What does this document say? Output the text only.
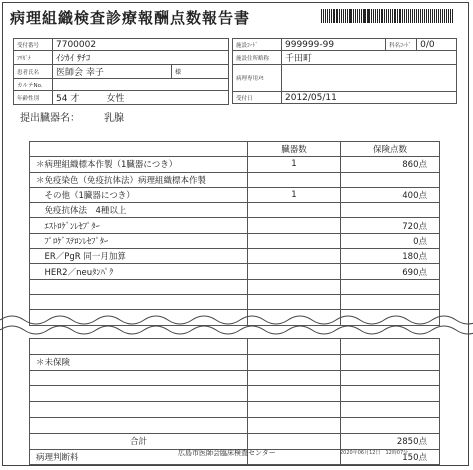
病理組織検査診療報酬点数報告書
受付番号	7700002	
ﾌﾘｶﾞﾅ	ｲｼｶｲ ｻﾁｺ	
患者氏名	医師会 幸子	様
カルテNo.		
年齢性別	54 才　　　 女性	
施設ｺｰﾄﾞ	999999-99	科名ｺｰﾄﾞ	0/0
施設住所略称	千田町		
病理専用ﾒﾓ			
受付日	2012/05/11		
提出臓器名： 乳腺
	臓器数	保険点数
＊病理組織標本作製（1臓器につき）	1	860点
＊免疫染色（免疫抗体法）病理組織標本作製		
　その他（1臓器につき）	1	400点
　免疫抗体法　4種以上		
　ｴｽﾄﾛｹﾞﾝﾚｾﾌﾟﾀｰ		720点
　ﾌﾟﾛｹﾞｽﾃﾛﾝﾚｾﾌﾟﾀｰ		0点
　ER／PgR 同一月加算		180点
　HER2／neuﾀﾝﾊﾟｸ		690点

＊未保険		

合計		2850点
病理判断料		150点
広島市医師会臨床検査センター	2020年06月12日　12時07分
